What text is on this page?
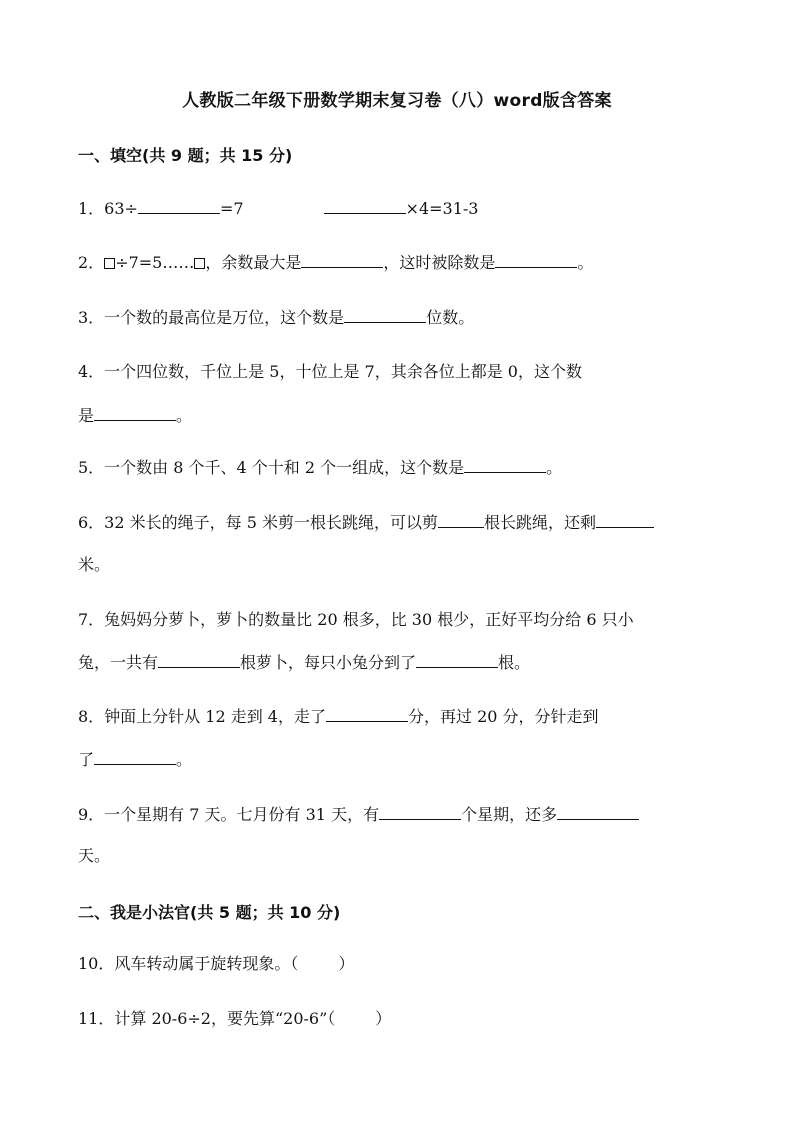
人教版二年级下册数学期末复习卷（八）word版含答案
一、填空(共 9 题；共 15 分)
1．63÷	=7	×4=31-3
2． ÷7=5…… ，余数最大是	，这时被除数是	。
3．一个数的最高位是万位，这个数是	位数。
4．一个四位数，千位上是 5，十位上是 7，其余各位上都是 0，这个数
是	。
5．一个数由 8 个千、4 个十和 2 个一组成，这个数是	。
6．32 米长的绳子，每 5 米剪一根长跳绳，可以剪	根长跳绳，还剩
米。
7．兔妈妈分萝卜，萝卜的数量比 20 根多，比 30 根少，正好平均分给 6 只小
兔，一共有	根萝卜，每只小兔分到了	根。
8．钟面上分针从 12 走到 4，走了	分，再过 20 分，分针走到
了	。
9．一个星期有 7 天。七月份有 31 天，有	个星期，还多
天。
二、我是小法官(共 5 题；共 10 分)
10．风车转动属于旋转现象。（	）
11．计算 20-6÷2，要先算“20-6”（	）
